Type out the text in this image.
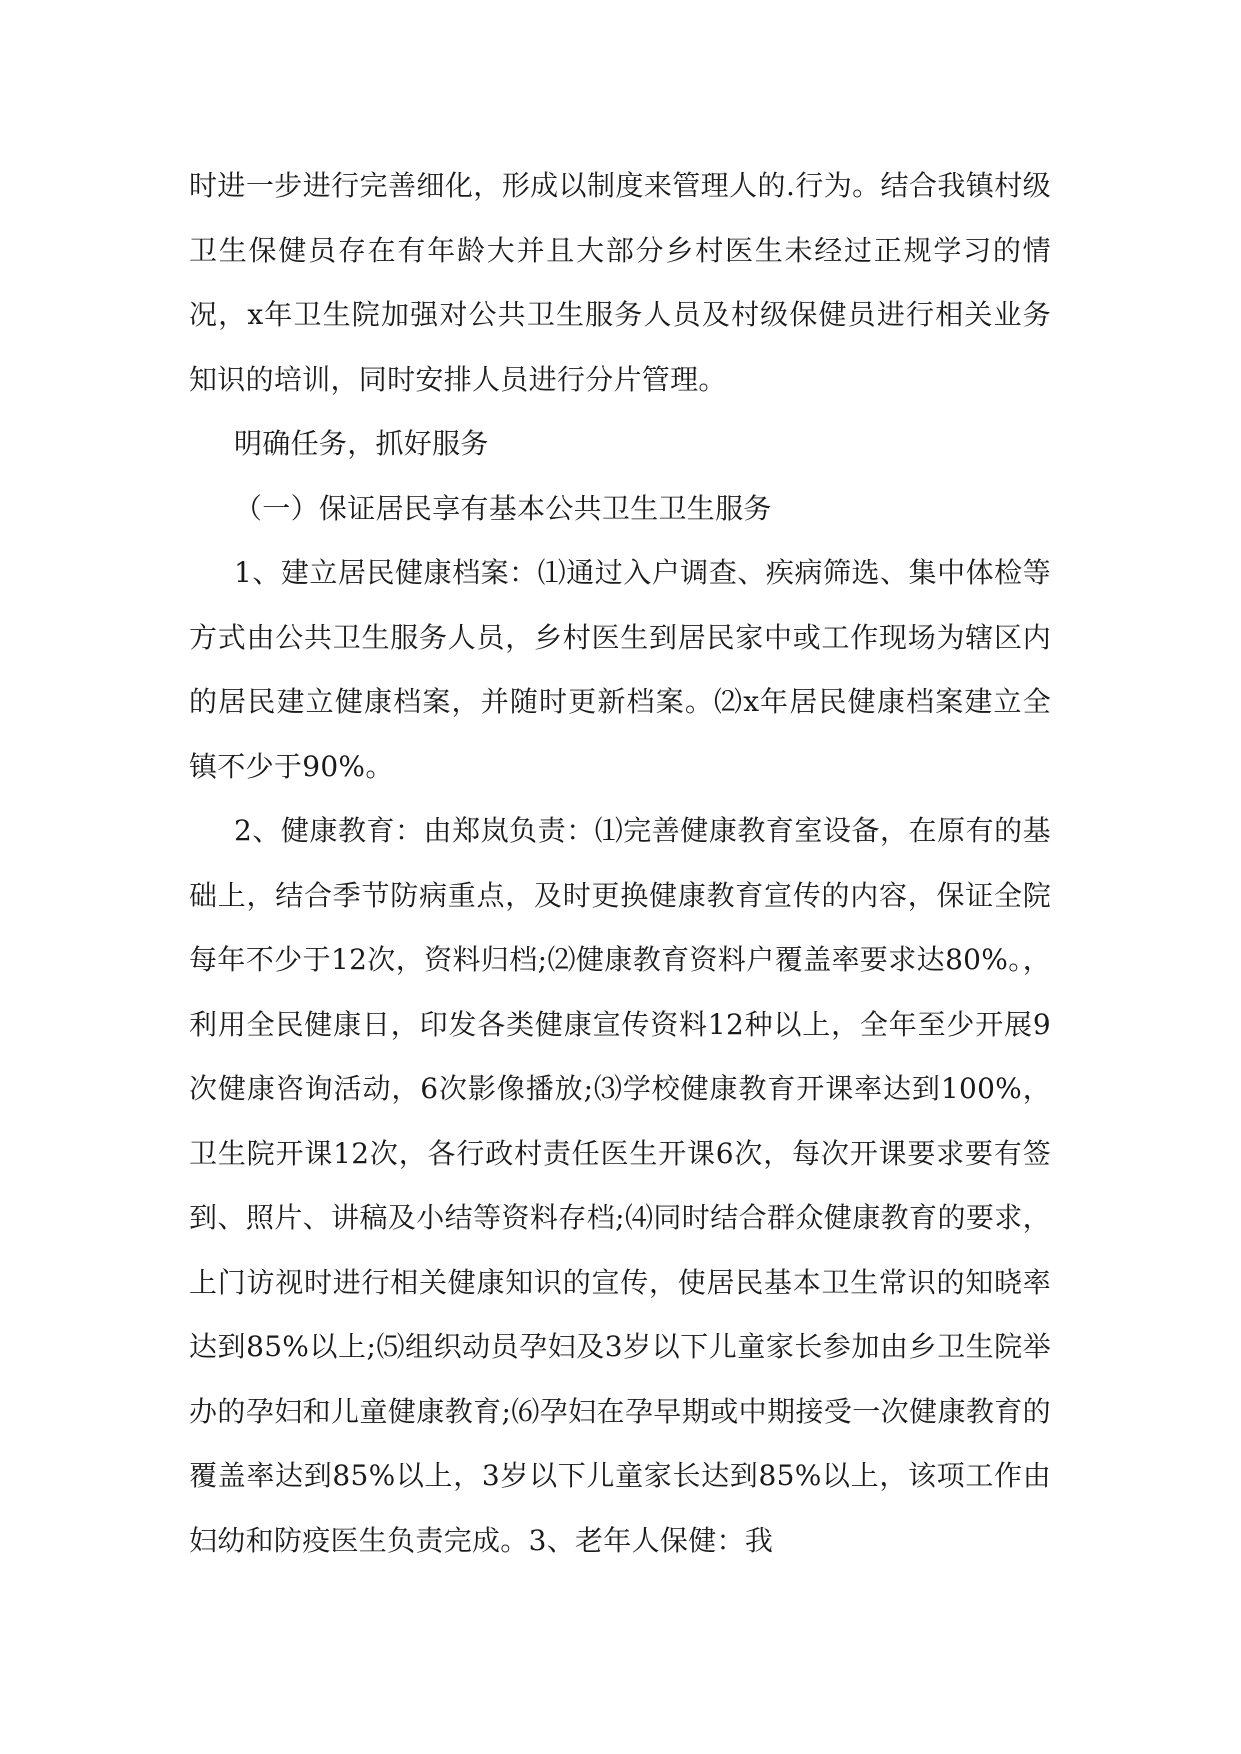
时进一步进行完善细化，形成以制度来管理人的.行为。结合我镇村级卫生保健员存在有年龄大并且大部分乡村医生未经过正规学习的情况，x年卫生院加强对公共卫生服务人员及村级保健员进行相关业务知识的培训，同时安排人员进行分片管理。

明确任务，抓好服务

（一）保证居民享有基本公共卫生卫生服务

1、建立居民健康档案：⑴通过入户调查、疾病筛选、集中体检等方式由公共卫生服务人员，乡村医生到居民家中或工作现场为辖区内的居民建立健康档案，并随时更新档案。⑵x年居民健康档案建立全镇不少于90%。

2、健康教育：由郑岚负责：⑴完善健康教育室设备，在原有的基础上，结合季节防病重点，及时更换健康教育宣传的内容，保证全院每年不少于12次，资料归档;⑵健康教育资料户覆盖率要求达80%。，利用全民健康日，印发各类健康宣传资料12种以上，全年至少开展9次健康咨询活动，6次影像播放;⑶学校健康教育开课率达到100%，卫生院开课12次，各行政村责任医生开课6次，每次开课要求要有签到、照片、讲稿及小结等资料存档;⑷同时结合群众健康教育的要求，上门访视时进行相关健康知识的宣传，使居民基本卫生常识的知晓率达到85%以上;⑸组织动员孕妇及3岁以下儿童家长参加由乡卫生院举办的孕妇和儿童健康教育;⑹孕妇在孕早期或中期接受一次健康教育的覆盖率达到85%以上，3岁以下儿童家长达到85%以上，该项工作由妇幼和防疫医生负责完成。3、老年人保健：我
